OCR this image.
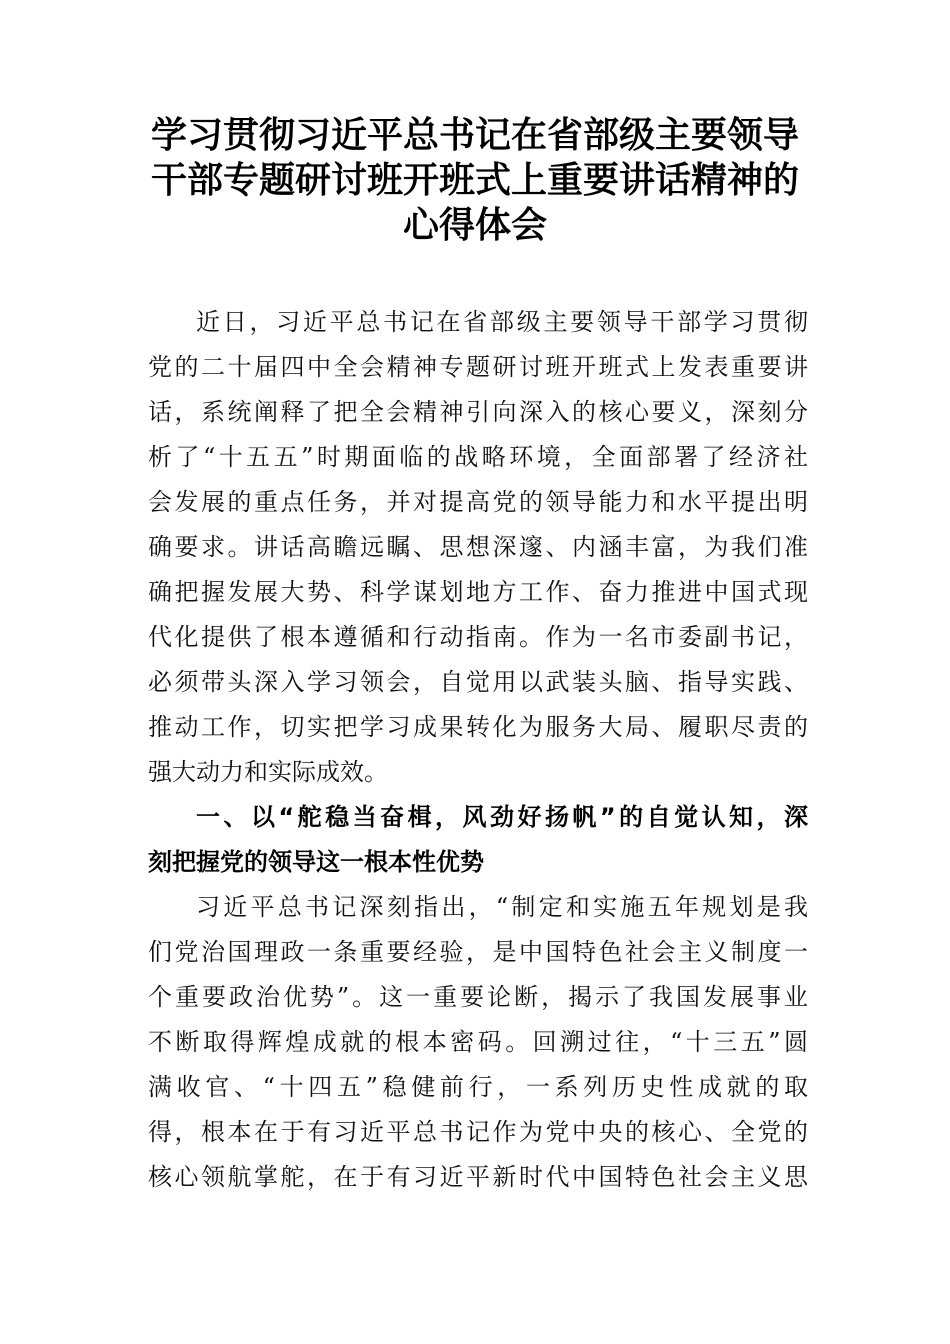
学习贯彻习近平总书记在省部级主要领导
干部专题研讨班开班式上重要讲话精神的
心得体会
近日，习近平总书记在省部级主要领导干部学习贯彻
党的二十届四中全会精神专题研讨班开班式上发表重要讲
话，系统阐释了把全会精神引向深入的核心要义，深刻分
析了“十五五”时期面临的战略环境，全面部署了经济社
会发展的重点任务，并对提高党的领导能力和水平提出明
确要求。讲话高瞻远瞩、思想深邃、内涵丰富，为我们准
确把握发展大势、科学谋划地方工作、奋力推进中国式现
代化提供了根本遵循和行动指南。作为一名市委副书记，
必须带头深入学习领会，自觉用以武装头脑、指导实践、
推动工作，切实把学习成果转化为服务大局、履职尽责的
强大动力和实际成效。
一、以“舵稳当奋楫，风劲好扬帆”的自觉认知，深
刻把握党的领导这一根本性优势
习近平总书记深刻指出，“制定和实施五年规划是我
们党治国理政一条重要经验，是中国特色社会主义制度一
个重要政治优势”。这一重要论断，揭示了我国发展事业
不断取得辉煌成就的根本密码。回溯过往，“十三五”圆
满收官、“十四五”稳健前行，一系列历史性成就的取
得，根本在于有习近平总书记作为党中央的核心、全党的
核心领航掌舵，在于有习近平新时代中国特色社会主义思
